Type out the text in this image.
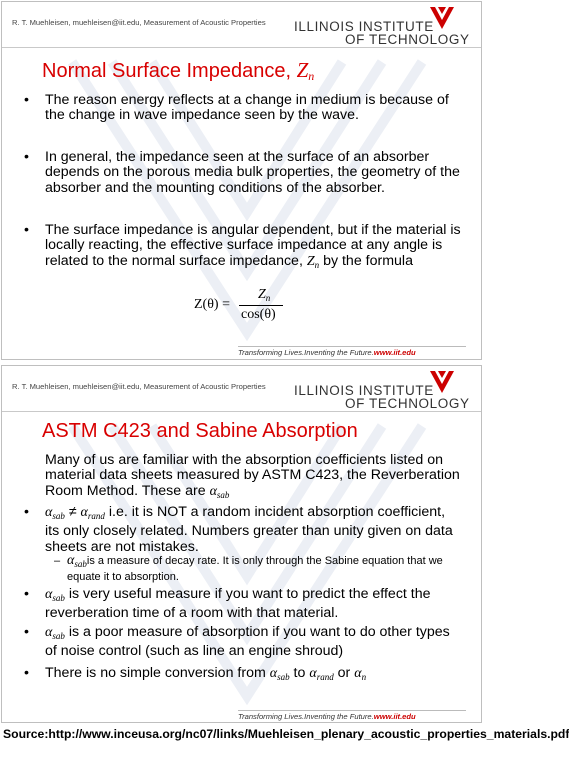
R. T. Muehleisen, muehleisen@iit.edu, Measurement of Acoustic Properties ILLINOIS INSTITUTE
OF TECHNOLOGY
Normal Surface Impedance, $Z_n$
• The reason energy reflects at a change in medium is because of the change in wave impedance seen by the wave.
• In general, the impedance seen at the surface of an absorber depends on the porous media bulk properties, the geometry of the absorber and the mounting conditions of the absorber.
• The surface impedance is angular dependent, but if the material is locally reacting, the effective surface impedance at any angle is related to the normal surface impedance, $Z_n$ by the formula
Z(θ) =
$Z_n$
cos(θ)
Transforming Lives.Inventing the Future.www.iit.edu
R. T. Muehleisen, muehleisen@iit.edu, Measurement of Acoustic Properties ILLINOIS INSTITUTE
OF TECHNOLOGY
ASTM C423 and Sabine Absorption
Many of us are familiar with the absorption coefficients listed on material data sheets measured by ASTM C423, the Reverberation Room Method. These are $\alpha_{sab}$
• $\alpha_{sab} \ne \alpha_{rand}$ i.e. it is NOT a random incident absorption coefficient, its only closely related. Numbers greater than unity given on data sheets are not mistakes.
– $\alpha_{sab}is$ a measure of decay rate. It is only through the Sabine equation that we equate it to absorption.
• $\alpha_{sab}$ is very useful measure if you want to predict the effect the reverberation time of a room with that material.
• $\alpha_{sab}$ is a poor measure of absorption if you want to do other types of noise control (such as line an engine shroud)
• There is no simple conversion from $\alpha_{sab}$ to $\alpha_{rand}$ or $\alpha_n$
Transforming Lives.Inventing the Future.www.iit.edu
Source:http://www.inceusa.org/nc07/links/Muehleisen_plenary_acoustic_properties_materials.pdf
